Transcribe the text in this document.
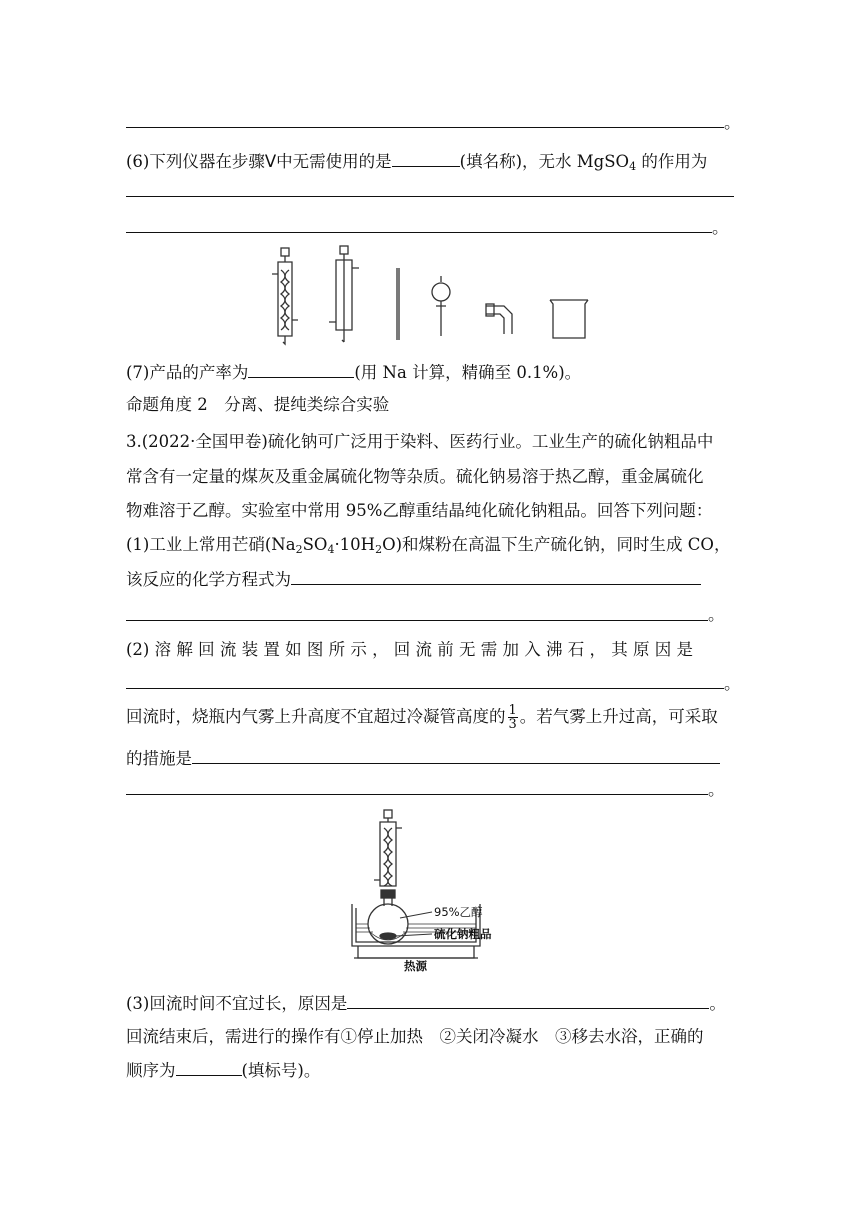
。
(6)下列仪器在步骤V中无需使用的是	(填名称)，无水 MgSO$_4$ 的作用为
。
(7)产品的产率为	(用 Na 计算，精确至 0.1%)。
命题角度 2　分离、提纯类综合实验
3.(2022·全国甲卷)硫化钠可广泛用于染料、医药行业。工业生产的硫化钠粗品中
常含有一定量的煤灰及重金属硫化物等杂质。硫化钠易溶于热乙醇，重金属硫化
物难溶于乙醇。实验室中常用 95%乙醇重结晶纯化硫化钠粗品。回答下列问题：
(1)工业上常用芒硝$(Na_2SO_4\cdot 10H_2O)$和煤粉在高温下生产硫化钠，同时生成 CO，
该反应的化学方程式为
。
(2) 溶 解 回 流 装 置 如 图 所 示 ， 回 流 前 无 需 加 入 沸 石 ， 其 原 因 是
。
回流时，烧瓶内气雾上升高度不宜超过冷凝管高度的 $\frac{1}{3}$ 。若气雾上升过高，可采取
的措施是
。
95%乙醇
硫化钠粗品
热源
(3)回流时间不宜过长，原因是	。
回流结束后，需进行的操作有①停止加热　②关闭冷凝水　③移去水浴，正确的
顺序为	(填标号)。
